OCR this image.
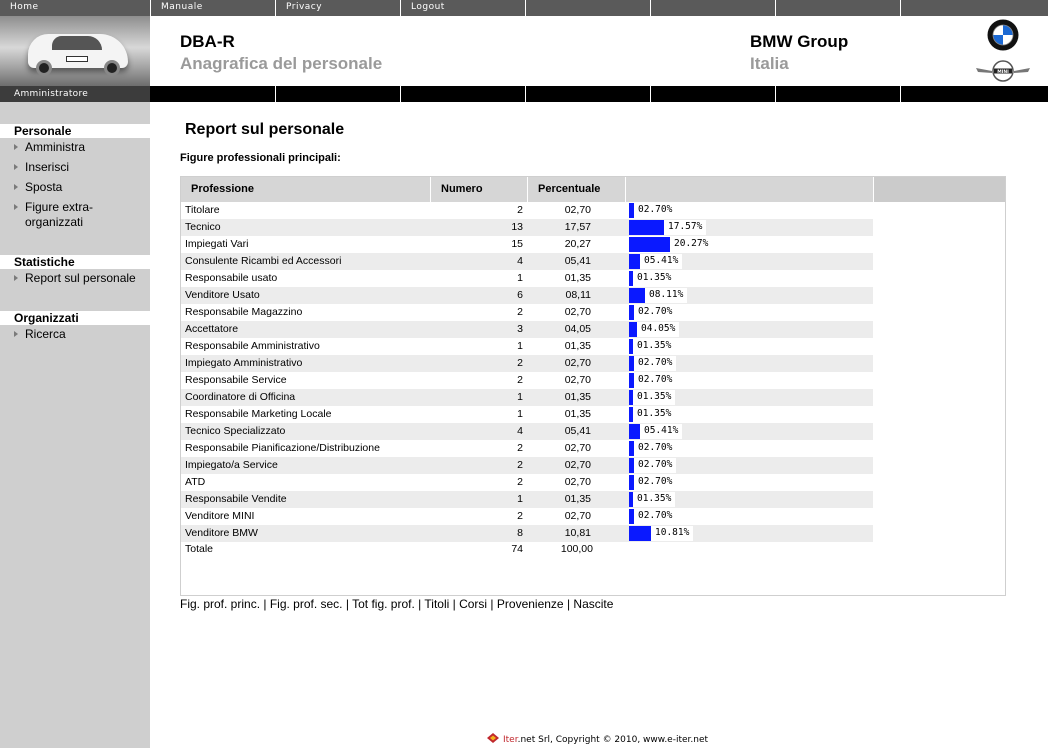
Home	Manuale	Privacy	Logout
DBA-R
Anagrafica del personale
BMW Group
Italia	MINI
Amministratore
Personale
Amministra
Inserisci
Sposta
Figure extra-organizzati
Statistiche
Report sul personale
Organizzati
Ricerca
Report sul personale
Figure professionali principali:
Professione	Numero	Percentuale
Titolare	2	02,70	02.70%
Tecnico	13	17,57	17.57%
Impiegati Vari	15	20,27	20.27%
Consulente Ricambi ed Accessori	4	05,41	05.41%
Responsabile usato	1	01,35	01.35%
Venditore Usato	6	08,11	08.11%
Responsabile Magazzino	2	02,70	02.70%
Accettatore	3	04,05	04.05%
Responsabile Amministrativo	1	01,35	01.35%
Impiegato Amministrativo	2	02,70	02.70%
Responsabile Service	2	02,70	02.70%
Coordinatore di Officina	1	01,35	01.35%
Responsabile Marketing Locale	1	01,35	01.35%
Tecnico Specializzato	4	05,41	05.41%
Responsabile Pianificazione/Distribuzione	2	02,70	02.70%
Impiegato/a Service	2	02,70	02.70%
ATD	2	02,70	02.70%
Responsabile Vendite	1	01,35	01.35%
Venditore MINI	2	02,70	02.70%
Venditore BMW	8	10,81	10.81%
Totale	74	100,00
Fig. prof. princ. | Fig. prof. sec. | Tot fig. prof. | Titoli | Corsi | Provenienze | Nascite
Iter.net Srl, Copyright © 2010, www.e-iter.net
